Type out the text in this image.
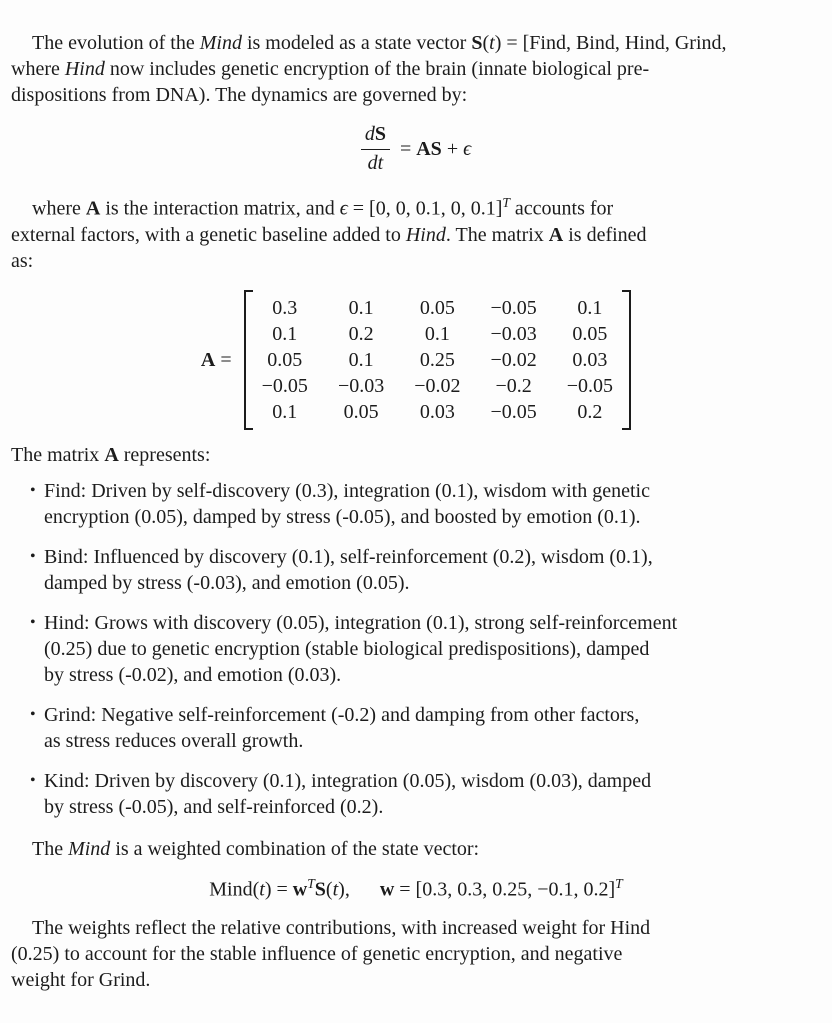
The evolution of the Mind is modeled as a state vector S(t) = [Find, Bind, Hind, Grind,
where Hind now includes genetic encryption of the brain (innate biological pre-
dispositions from DNA). The dynamics are governed by:
$\frac{dS}{dt}$ = AS + ϵ
where A is the interaction matrix, and ϵ = [0, 0, 0.1, 0, 0.1]$^T$ accounts for
external factors, with a genetic baseline added to Hind. The matrix A is defined
as:
A =
0.3	0.1	0.05 −0.05	0.1
0.1	0.2	0.1	−0.03 0.05
0.05	0.1	0.25 −0.02 0.03
−0.05 −0.03 −0.02 −0.2 −0.05
0.1	0.05 0.03 −0.05	0.2
The matrix A represents:
• Find: Driven by self-discovery (0.3), integration (0.1), wisdom with genetic
encryption (0.05), damped by stress (-0.05), and boosted by emotion (0.1).
• Bind: Influenced by discovery (0.1), self-reinforcement (0.2), wisdom (0.1),
damped by stress (-0.03), and emotion (0.05).
• Hind: Grows with discovery (0.05), integration (0.1), strong self-reinforcement
(0.25) due to genetic encryption (stable biological predispositions), damped
by stress (-0.02), and emotion (0.03).
• Grind: Negative self-reinforcement (-0.2) and damping from other factors,
as stress reduces overall growth.
• Kind: Driven by discovery (0.1), integration (0.05), wisdom (0.03), damped
by stress (-0.05), and self-reinforced (0.2).
The Mind is a weighted combination of the state vector:
Mind(t) = $w^TS(t)$,   w = [0.3, 0.3, 0.25, −0.1, 0.2]$^T$
The weights reflect the relative contributions, with increased weight for Hind
(0.25) to account for the stable influence of genetic encryption, and negative
weight for Grind.
